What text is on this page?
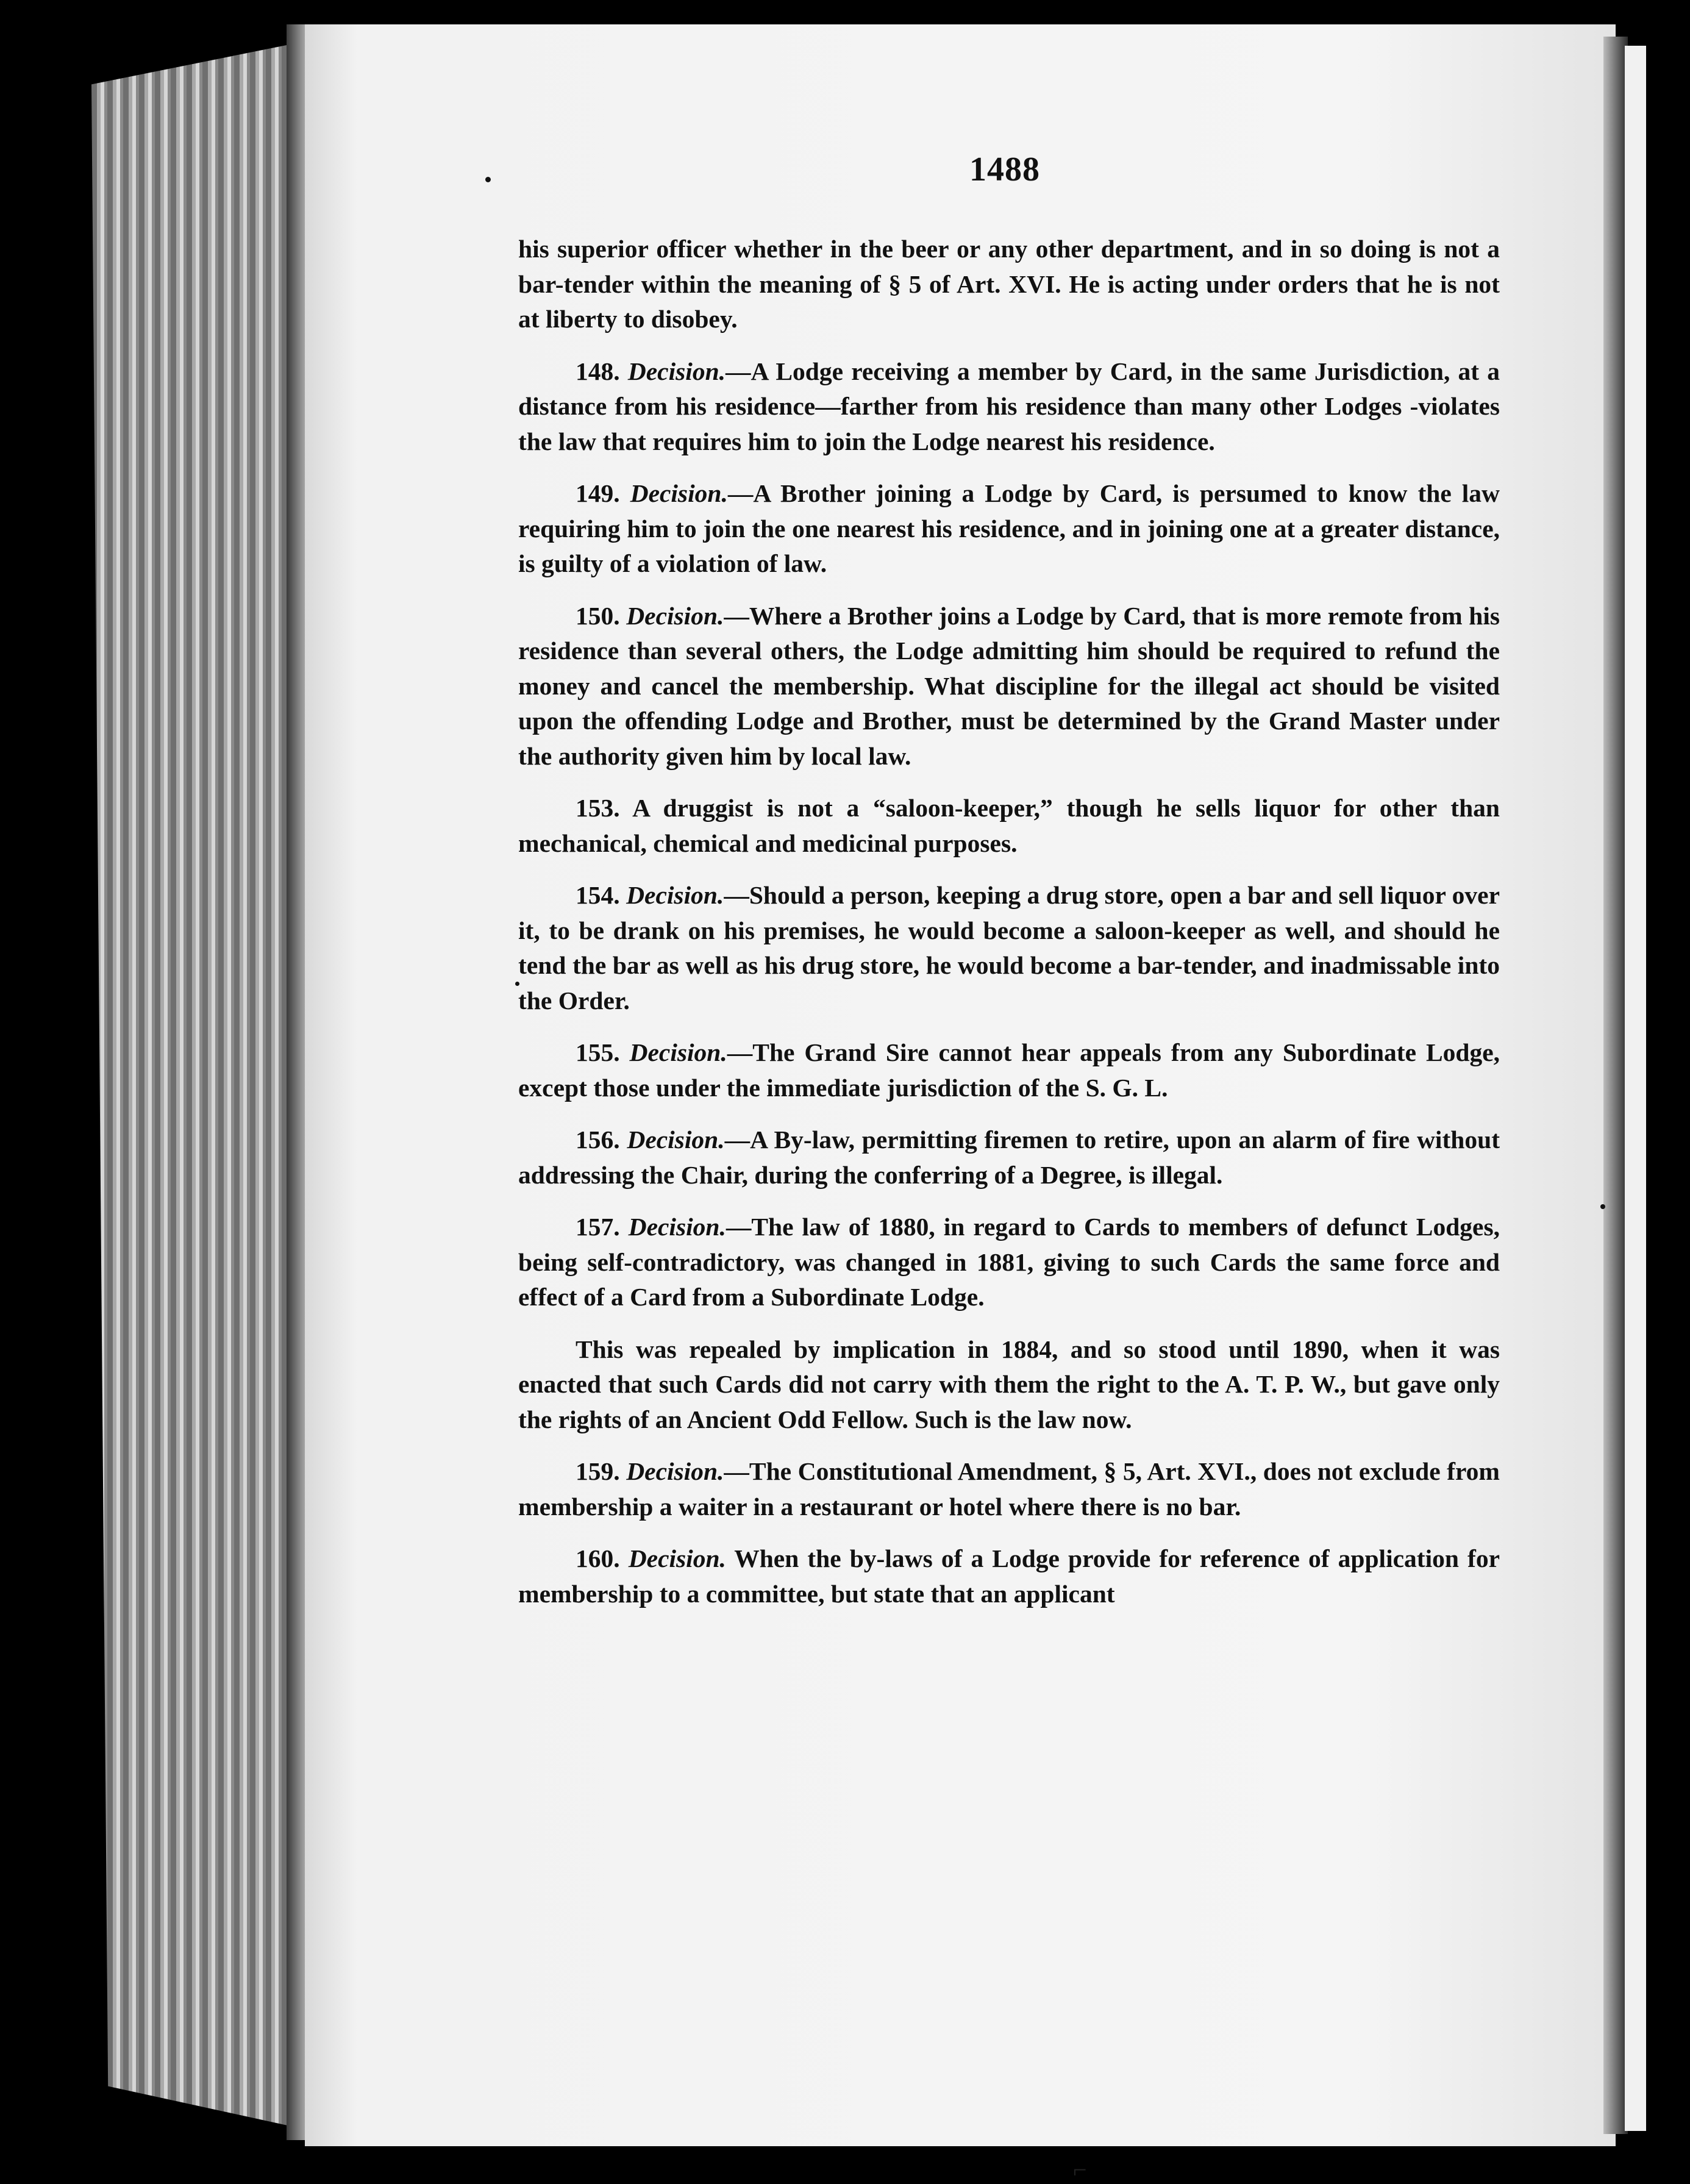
⌐
1488

his superior officer whether in the beer or any other department, and in so doing is not a bar-tender within the meaning of § 5 of Art. XVI. He is acting under orders that he is not at liberty to disobey.

148. Decision.—A Lodge receiving a member by Card, in the same Jurisdiction, at a distance from his residence—farther from his residence than many other Lodges -violates the law that requires him to join the Lodge nearest his residence.

149. Decision.—A Brother joining a Lodge by Card, is persumed to know the law requiring him to join the one nearest his residence, and in joining one at a greater distance, is guilty of a violation of law.

150. Decision.—Where a Brother joins a Lodge by Card, that is more remote from his residence than several others, the Lodge admitting him should be required to refund the money and cancel the membership. What discipline for the illegal act should be visited upon the offending Lodge and Brother, must be determined by the Grand Master under the authority given him by local law.

153. A druggist is not a “saloon-keeper,” though he sells liquor for other than mechanical, chemical and medicinal purposes.

154. Decision.—Should a person, keeping a drug store, open a bar and sell liquor over it, to be drank on his premises, he would become a saloon-keeper as well, and should he tend the bar as well as his drug store, he would become a bar-tender, and inadmissable into the Order.

155. Decision.—The Grand Sire cannot hear appeals from any Subordinate Lodge, except those under the immediate jurisdiction of the S. G. L.

156. Decision.—A By-law, permitting firemen to retire, upon an alarm of fire without addressing the Chair, during the conferring of a Degree, is illegal.

157. Decision.—The law of 1880, in regard to Cards to members of defunct Lodges, being self-contradictory, was changed in 1881, giving to such Cards the same force and effect of a Card from a Subordinate Lodge.

This was repealed by implication in 1884, and so stood until 1890, when it was enacted that such Cards did not carry with them the right to the A. T. P. W., but gave only the rights of an Ancient Odd Fellow. Such is the law now.

159. Decision.—The Constitutional Amendment, § 5, Art. XVI., does not exclude from membership a waiter in a restaurant or hotel where there is no bar.

160. Decision. When the by-laws of a Lodge provide for reference of application for membership to a committee, but state that an applicant
